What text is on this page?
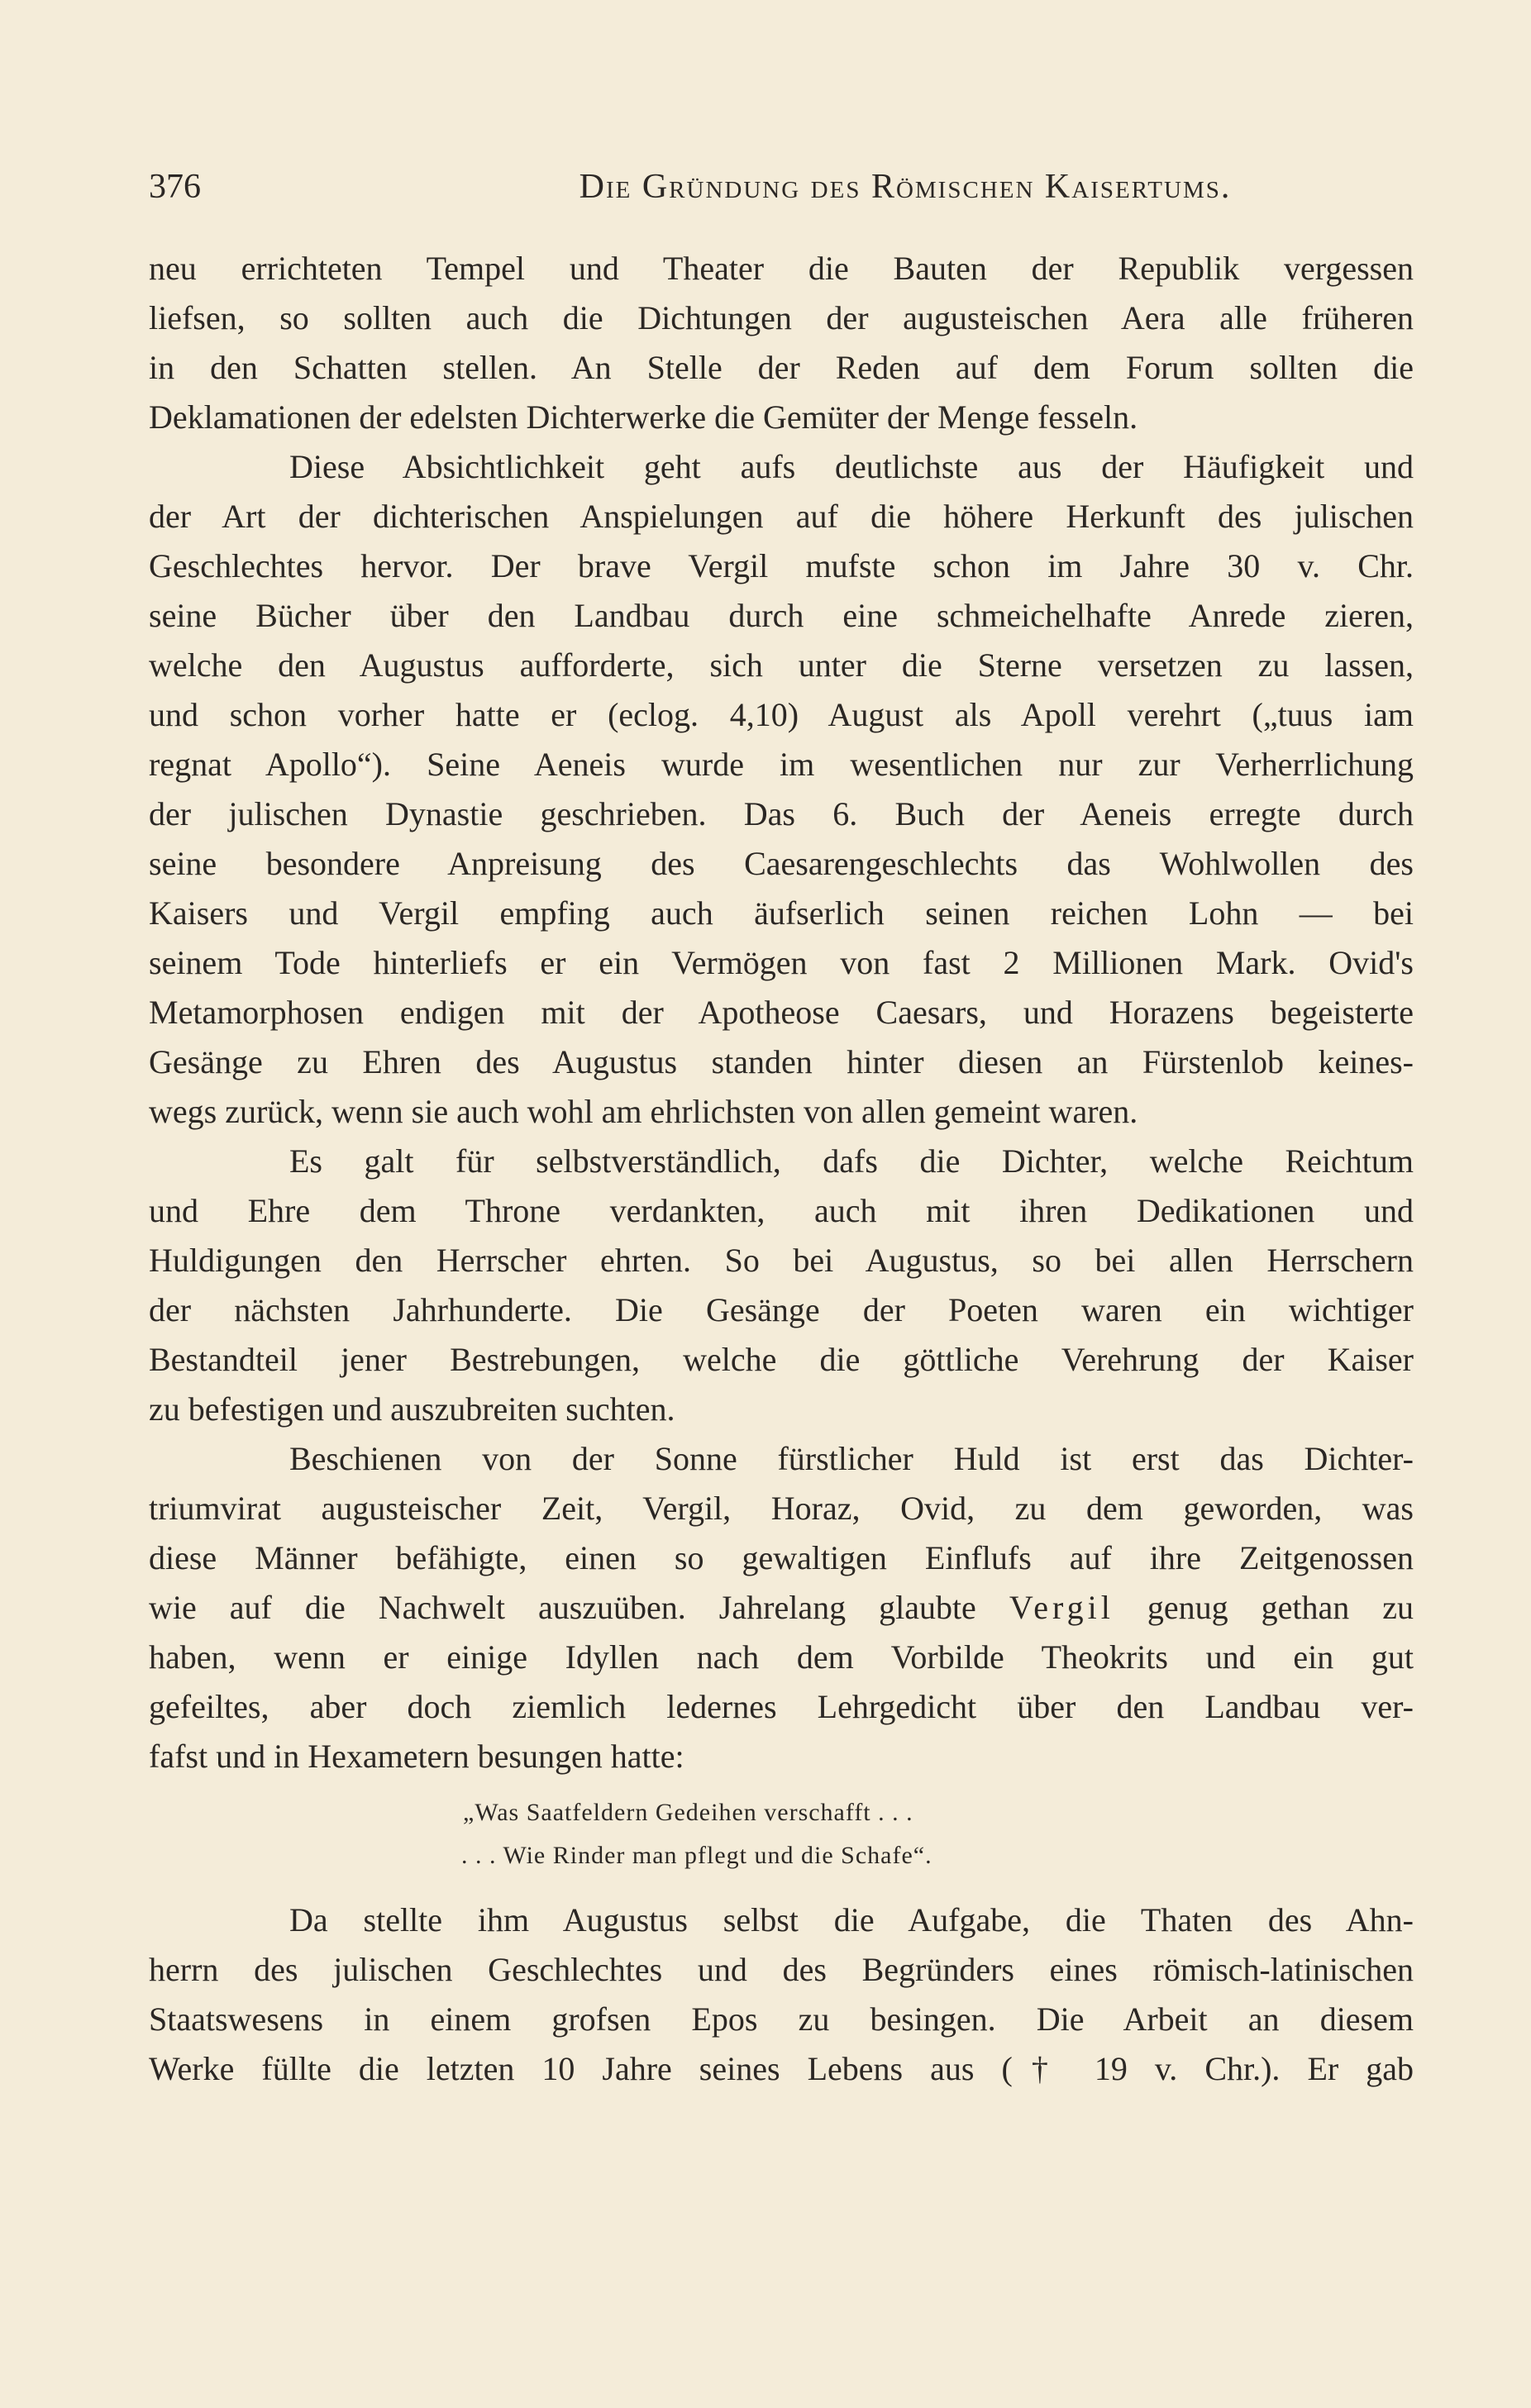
376	Die Gründung des Römischen Kaisertums.
neu errichteten Tempel und Theater die Bauten der Republik vergessen
liefsen, so sollten auch die Dichtungen der augusteischen Aera alle früheren
in den Schatten stellen. An Stelle der Reden auf dem Forum sollten die
Deklamationen der edelsten Dichterwerke die Gemüter der Menge fesseln.
Diese Absichtlichkeit geht aufs deutlichste aus der Häufigkeit und
der Art der dichterischen Anspielungen auf die höhere Herkunft des julischen
Geschlechtes hervor. Der brave Vergil mufste schon im Jahre 30 v. Chr.
seine Bücher über den Landbau durch eine schmeichelhafte Anrede zieren,
welche den Augustus aufforderte, sich unter die Sterne versetzen zu lassen,
und schon vorher hatte er (eclog. 4,10) August als Apoll verehrt („tuus iam
regnat Apollo“). Seine Aeneis wurde im wesentlichen nur zur Verherrlichung
der julischen Dynastie geschrieben. Das 6. Buch der Aeneis erregte durch
seine besondere Anpreisung des Caesarengeschlechts das Wohlwollen des
Kaisers und Vergil empfing auch äufserlich seinen reichen Lohn — bei
seinem Tode hinterliefs er ein Vermögen von fast 2 Millionen Mark. Ovid's
Metamorphosen endigen mit der Apotheose Caesars, und Horazens begeisterte
Gesänge zu Ehren des Augustus standen hinter diesen an Fürstenlob keines-
wegs zurück, wenn sie auch wohl am ehrlichsten von allen gemeint waren.
Es galt für selbstverständlich, dafs die Dichter, welche Reichtum
und Ehre dem Throne verdankten, auch mit ihren Dedikationen und
Huldigungen den Herrscher ehrten. So bei Augustus, so bei allen Herrschern
der nächsten Jahrhunderte. Die Gesänge der Poeten waren ein wichtiger
Bestandteil jener Bestrebungen, welche die göttliche Verehrung der Kaiser
zu befestigen und auszubreiten suchten.
Beschienen von der Sonne fürstlicher Huld ist erst das Dichter-
triumvirat augusteischer Zeit, Vergil, Horaz, Ovid, zu dem geworden, was
diese Männer befähigte, einen so gewaltigen Einflufs auf ihre Zeitgenossen
wie auf die Nachwelt auszuüben. Jahrelang glaubte Vergil genug gethan zu
haben, wenn er einige Idyllen nach dem Vorbilde Theokrits und ein gut
gefeiltes, aber doch ziemlich ledernes Lehrgedicht über den Landbau ver-
fafst und in Hexametern besungen hatte:
„Was Saatfeldern Gedeihen verschafft . . .
. . . Wie Rinder man pflegt und die Schafe“.
Da stellte ihm Augustus selbst die Aufgabe, die Thaten des Ahn-
herrn des julischen Geschlechtes und des Begründers eines römisch-latinischen
Staatswesens in einem grofsen Epos zu besingen. Die Arbeit an diesem
Werke füllte die letzten 10 Jahre seines Lebens aus († 19 v. Chr.). Er gab
